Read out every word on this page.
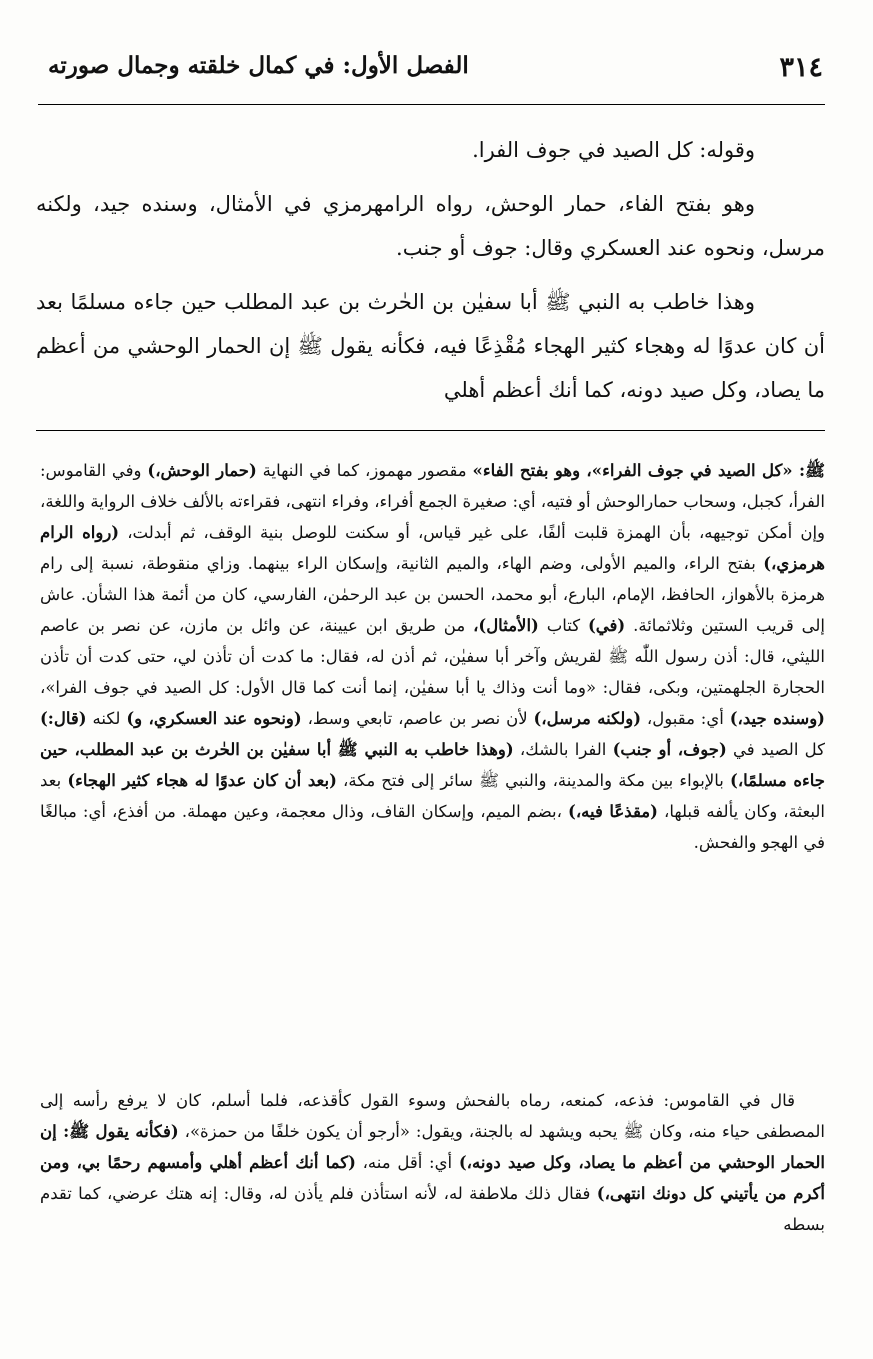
الفصل الأول: في كمال خلقته وجمال صورته	٣١٤

وقوله: كل الصيد في جوف الفرا.

وهو بفتح الفاء، حمار الوحش، رواه الرامهرمزي في الأمثال، وسنده جيد، ولكنه مرسل، ونحوه عند العسكري وقال: جوف أو جنب.

وهذا خاطب به النبي ﷺ أبا سفيٰن بن الحٰرث بن عبد المطلب حين جاءه مسلمًا بعد أن كان عدوًا له وهجاء كثير الهجاء مُقْذِعًا فيه، فكأنه يقول ﷺ إن الحمار الوحشي من أعظم ما يصاد، وكل صيد دونه، كما أنك أعظم أهلي

ﷺ: «كل الصيد في جوف الفراء»، وهو بفتح الفاء» مقصور مهموز، كما في النهاية (حمار الوحش،) وفي القاموس: الفرأ، كجبل، وسحاب حمارالوحش أو فتيه، أي: صغيرة الجمع أفراء، وفراء انتهى، فقراءته بالألف خلاف الرواية واللغة، وإن أمكن توجيهه، بأن الهمزة قلبت ألفًا، على غير قياس، أو سكنت للوصل بنية الوقف، ثم أبدلت، (رواه الرام هرمزي،) بفتح الراء، والميم الأولى، وضم الهاء، والميم الثانية، وإسكان الراء بينهما. وزاي منقوطة، نسبة إلى رام هرمزة بالأهواز، الحافظ، الإمام، البارع، أبو محمد، الحسن بن عبد الرحمٰن، الفارسي، كان من أئمة هذا الشأن. عاش إلى قريب الستين وثلاثمائة. (في) كتاب (الأمثال)، من طريق ابن عيينة، عن وائل بن مازن، عن نصر بن عاصم الليثي، قال: أذن رسول اللّٰه ﷺ لقريش وآخر أبا سفيٰن، ثم أذن له، فقال: ما كدت أن تأذن لي، حتى كدت أن تأذن الحجارة الجلهمتين، وبكى، فقال: «وما أنت وذاك يا أبا سفيٰن، إنما أنت كما قال الأول: كل الصيد في جوف الفرا»، (وسنده جيد،) أي: مقبول، (ولكنه مرسل،) لأن نصر بن عاصم، تابعي وسط، (ونحوه عند العسكري، و) لكنه (قال:) كل الصيد في (جوف، أو جنب) الفرا بالشك، (وهذا خاطب به النبي ﷺ أبا سفيٰن بن الحٰرث بن عبد المطلب، حين جاءه مسلمًا،) بالإبواء بين مكة والمدينة، والنبي ﷺ سائر إلى فتح مكة، (بعد أن كان عدوًا له هجاء كثير الهجاء) بعد البعثة، وكان يألفه قبلها، (مقذعًا فيه،) ،بضم الميم، وإسكان القاف، وذال معجمة، وعين مهملة. من أفذع، أي: مبالغًا في الهجو والفحش.

قال في القاموس: فذعه، كمنعه، رماه بالفحش وسوء القول كأقذعه، فلما أسلم، كان لا يرفع رأسه إلى المصطفى حياء منه، وكان ﷺ يحبه ويشهد له بالجنة، ويقول: «أرجو أن يكون خلفًا من حمزة»، (فكأنه يقول ﷺ: إن الحمار الوحشي من أعظم ما يصاد، وكل صيد دونه،) أي: أقل منه، (كما أنك أعظم أهلي وأمسهم رحمًا بي، ومن أكرم من يأتيني كل دونك انتهى،) فقال ذلك ملاطفة له، لأنه استأذن فلم يأذن له، وقال: إنه هتك عرضي، كما تقدم بسطه
